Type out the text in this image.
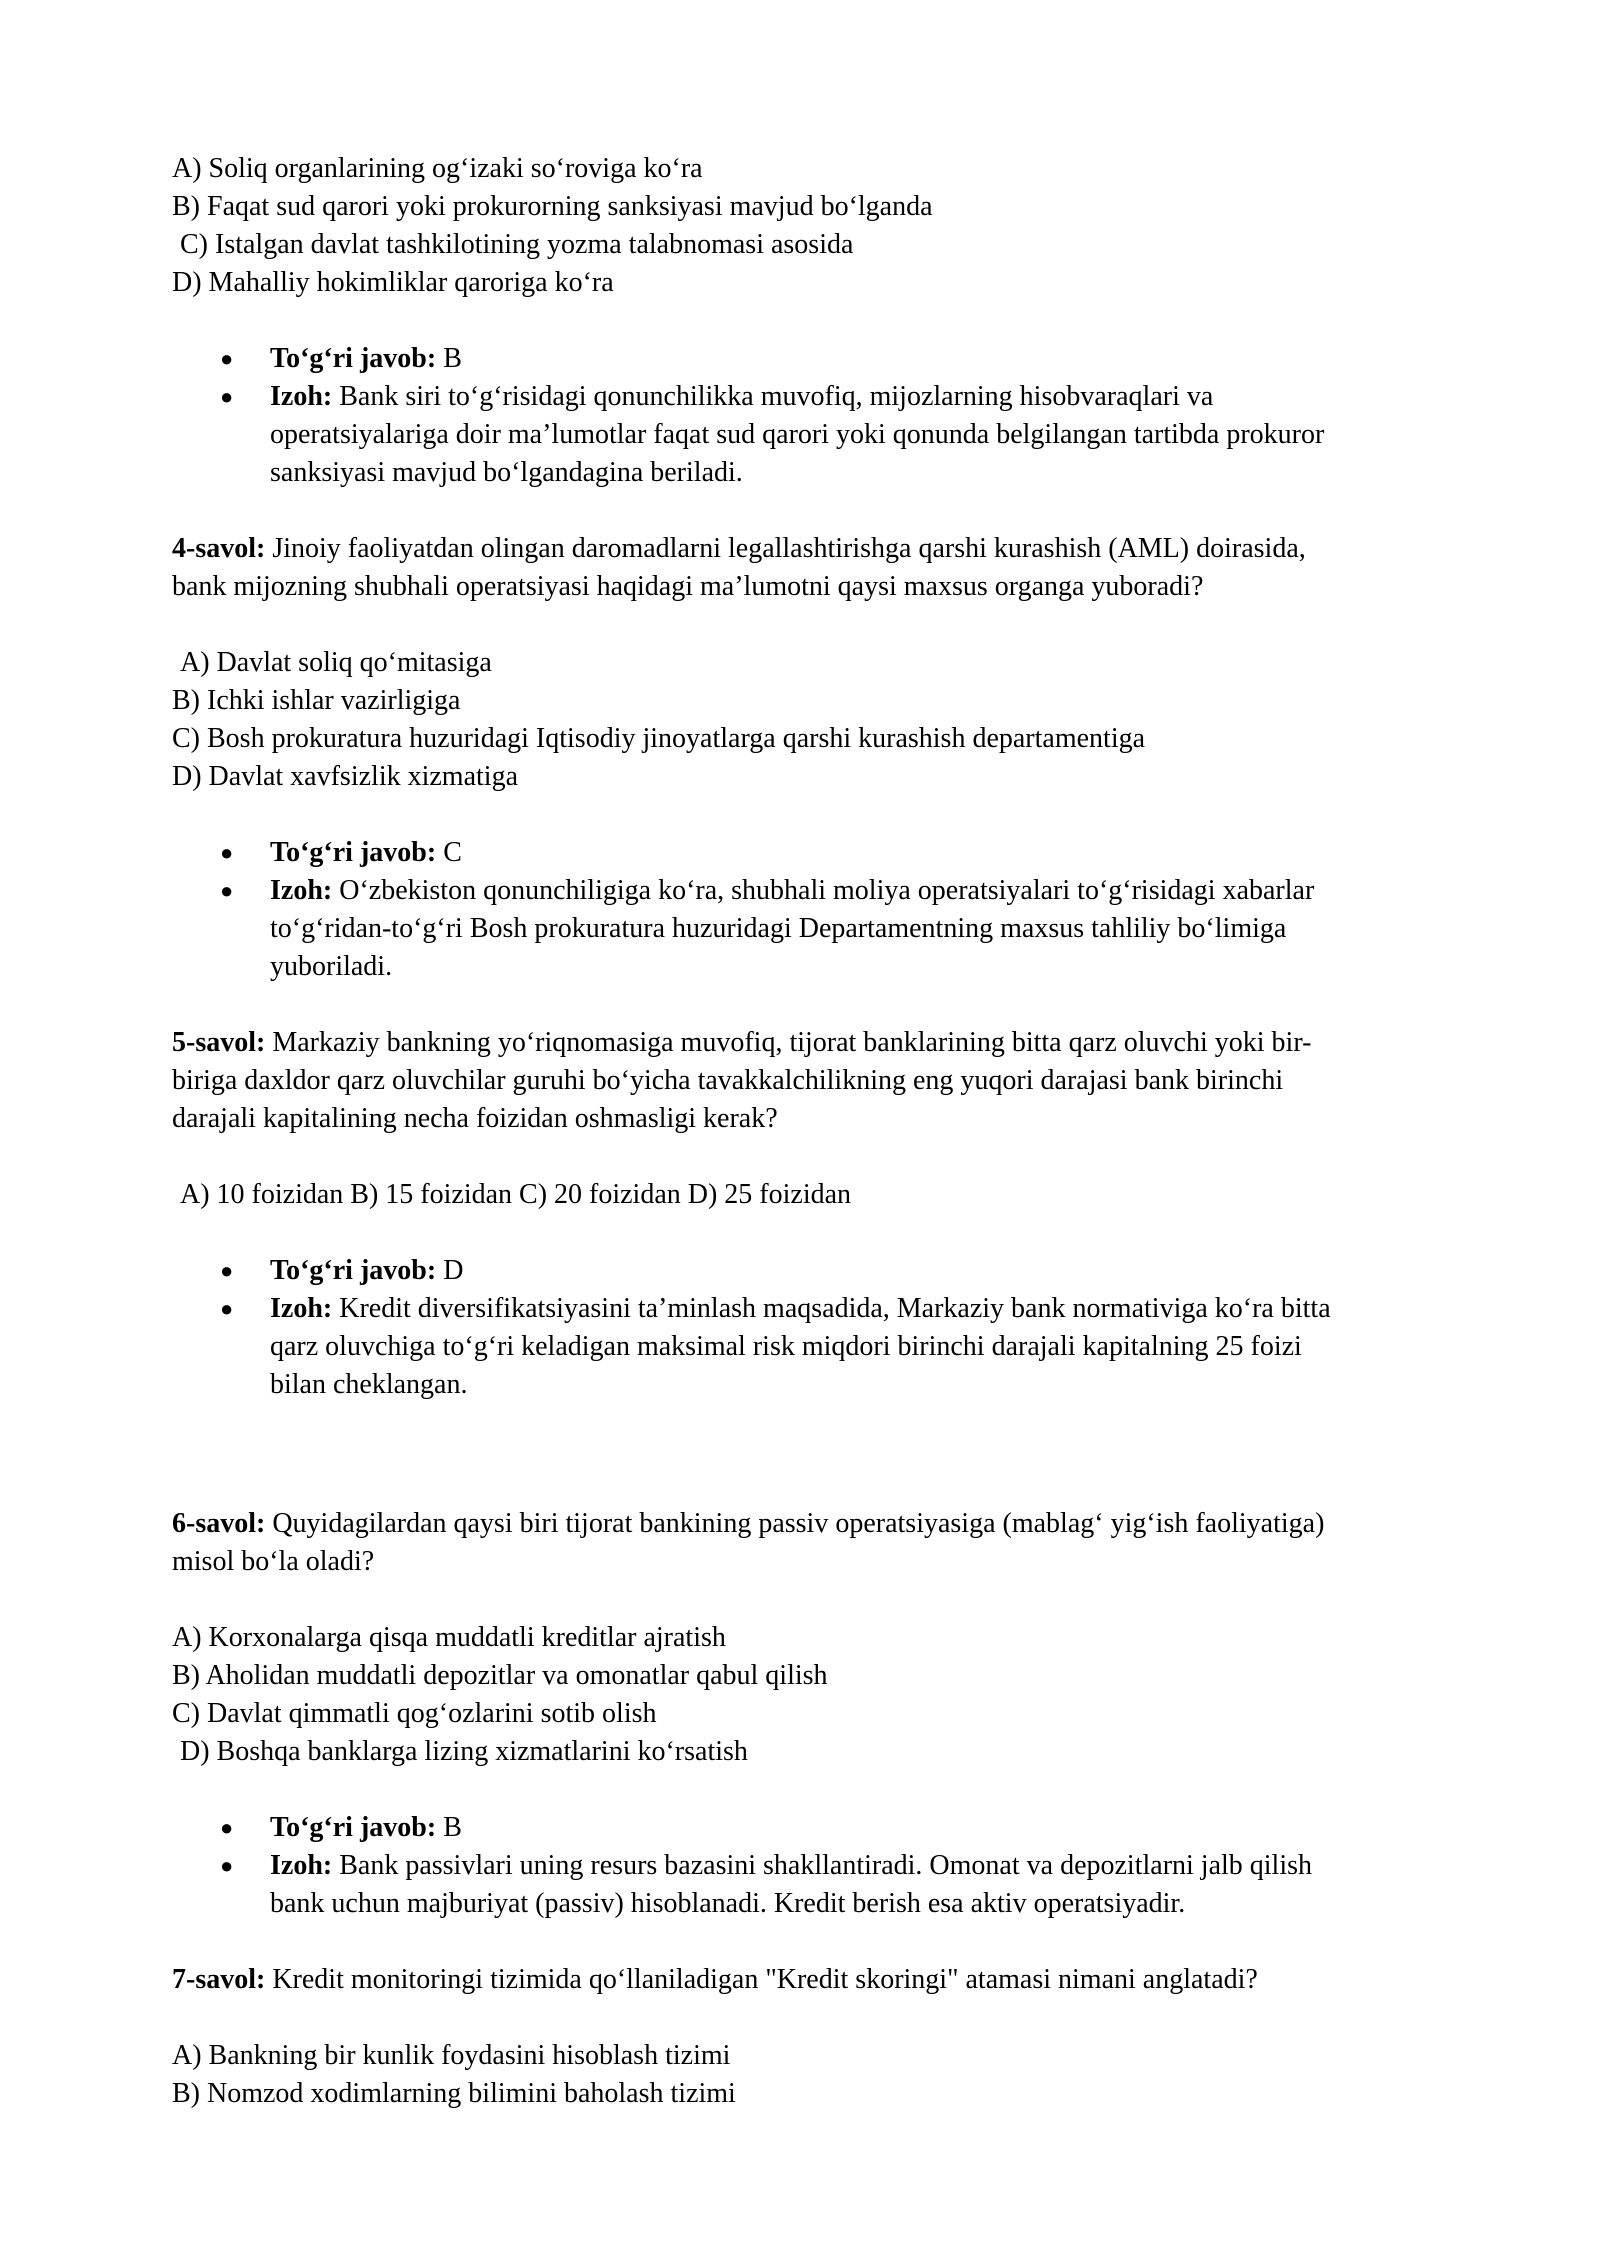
A) Soliq organlarining og‘izaki so‘roviga ko‘ra
B) Faqat sud qarori yoki prokurorning sanksiyasi mavjud bo‘lganda
C) Istalgan davlat tashkilotining yozma talabnomasi asosida
D) Mahalliy hokimliklar qaroriga ko‘ra
● To‘g‘ri javob: B
● Izoh: Bank siri to‘g‘risidagi qonunchilikka muvofiq, mijozlarning hisobvaraqlari va
operatsiyalariga doir ma’lumotlar faqat sud qarori yoki qonunda belgilangan tartibda prokuror
sanksiyasi mavjud bo‘lgandagina beriladi.
4-savol: Jinoiy faoliyatdan olingan daromadlarni legallashtirishga qarshi kurashish (AML) doirasida,
bank mijozning shubhali operatsiyasi haqidagi ma’lumotni qaysi maxsus organga yuboradi?
A) Davlat soliq qo‘mitasiga
B) Ichki ishlar vazirligiga
C) Bosh prokuratura huzuridagi Iqtisodiy jinoyatlarga qarshi kurashish departamentiga
D) Davlat xavfsizlik xizmatiga
● To‘g‘ri javob: C
● Izoh: O‘zbekiston qonunchiligiga ko‘ra, shubhali moliya operatsiyalari to‘g‘risidagi xabarlar
to‘g‘ridan-to‘g‘ri Bosh prokuratura huzuridagi Departamentning maxsus tahliliy bo‘limiga
yuboriladi.
5-savol: Markaziy bankning yo‘riqnomasiga muvofiq, tijorat banklarining bitta qarz oluvchi yoki bir-
biriga daxldor qarz oluvchilar guruhi bo‘yicha tavakkalchilikning eng yuqori darajasi bank birinchi
darajali kapitalining necha foizidan oshmasligi kerak?
A) 10 foizidan B) 15 foizidan C) 20 foizidan D) 25 foizidan
● To‘g‘ri javob: D
● Izoh: Kredit diversifikatsiyasini ta’minlash maqsadida, Markaziy bank normativiga ko‘ra bitta
qarz oluvchiga to‘g‘ri keladigan maksimal risk miqdori birinchi darajali kapitalning 25 foizi
bilan cheklangan.
6-savol: Quyidagilardan qaysi biri tijorat bankining passiv operatsiyasiga (mablag‘ yig‘ish faoliyatiga)
misol bo‘la oladi?
A) Korxonalarga qisqa muddatli kreditlar ajratish
B) Aholidan muddatli depozitlar va omonatlar qabul qilish
C) Davlat qimmatli qog‘ozlarini sotib olish
D) Boshqa banklarga lizing xizmatlarini ko‘rsatish
● To‘g‘ri javob: B
● Izoh: Bank passivlari uning resurs bazasini shakllantiradi. Omonat va depozitlarni jalb qilish
bank uchun majburiyat (passiv) hisoblanadi. Kredit berish esa aktiv operatsiyadir.
7-savol: Kredit monitoringi tizimida qo‘llaniladigan "Kredit skoringi" atamasi nimani anglatadi?
A) Bankning bir kunlik foydasini hisoblash tizimi
B) Nomzod xodimlarning bilimini baholash tizimi
